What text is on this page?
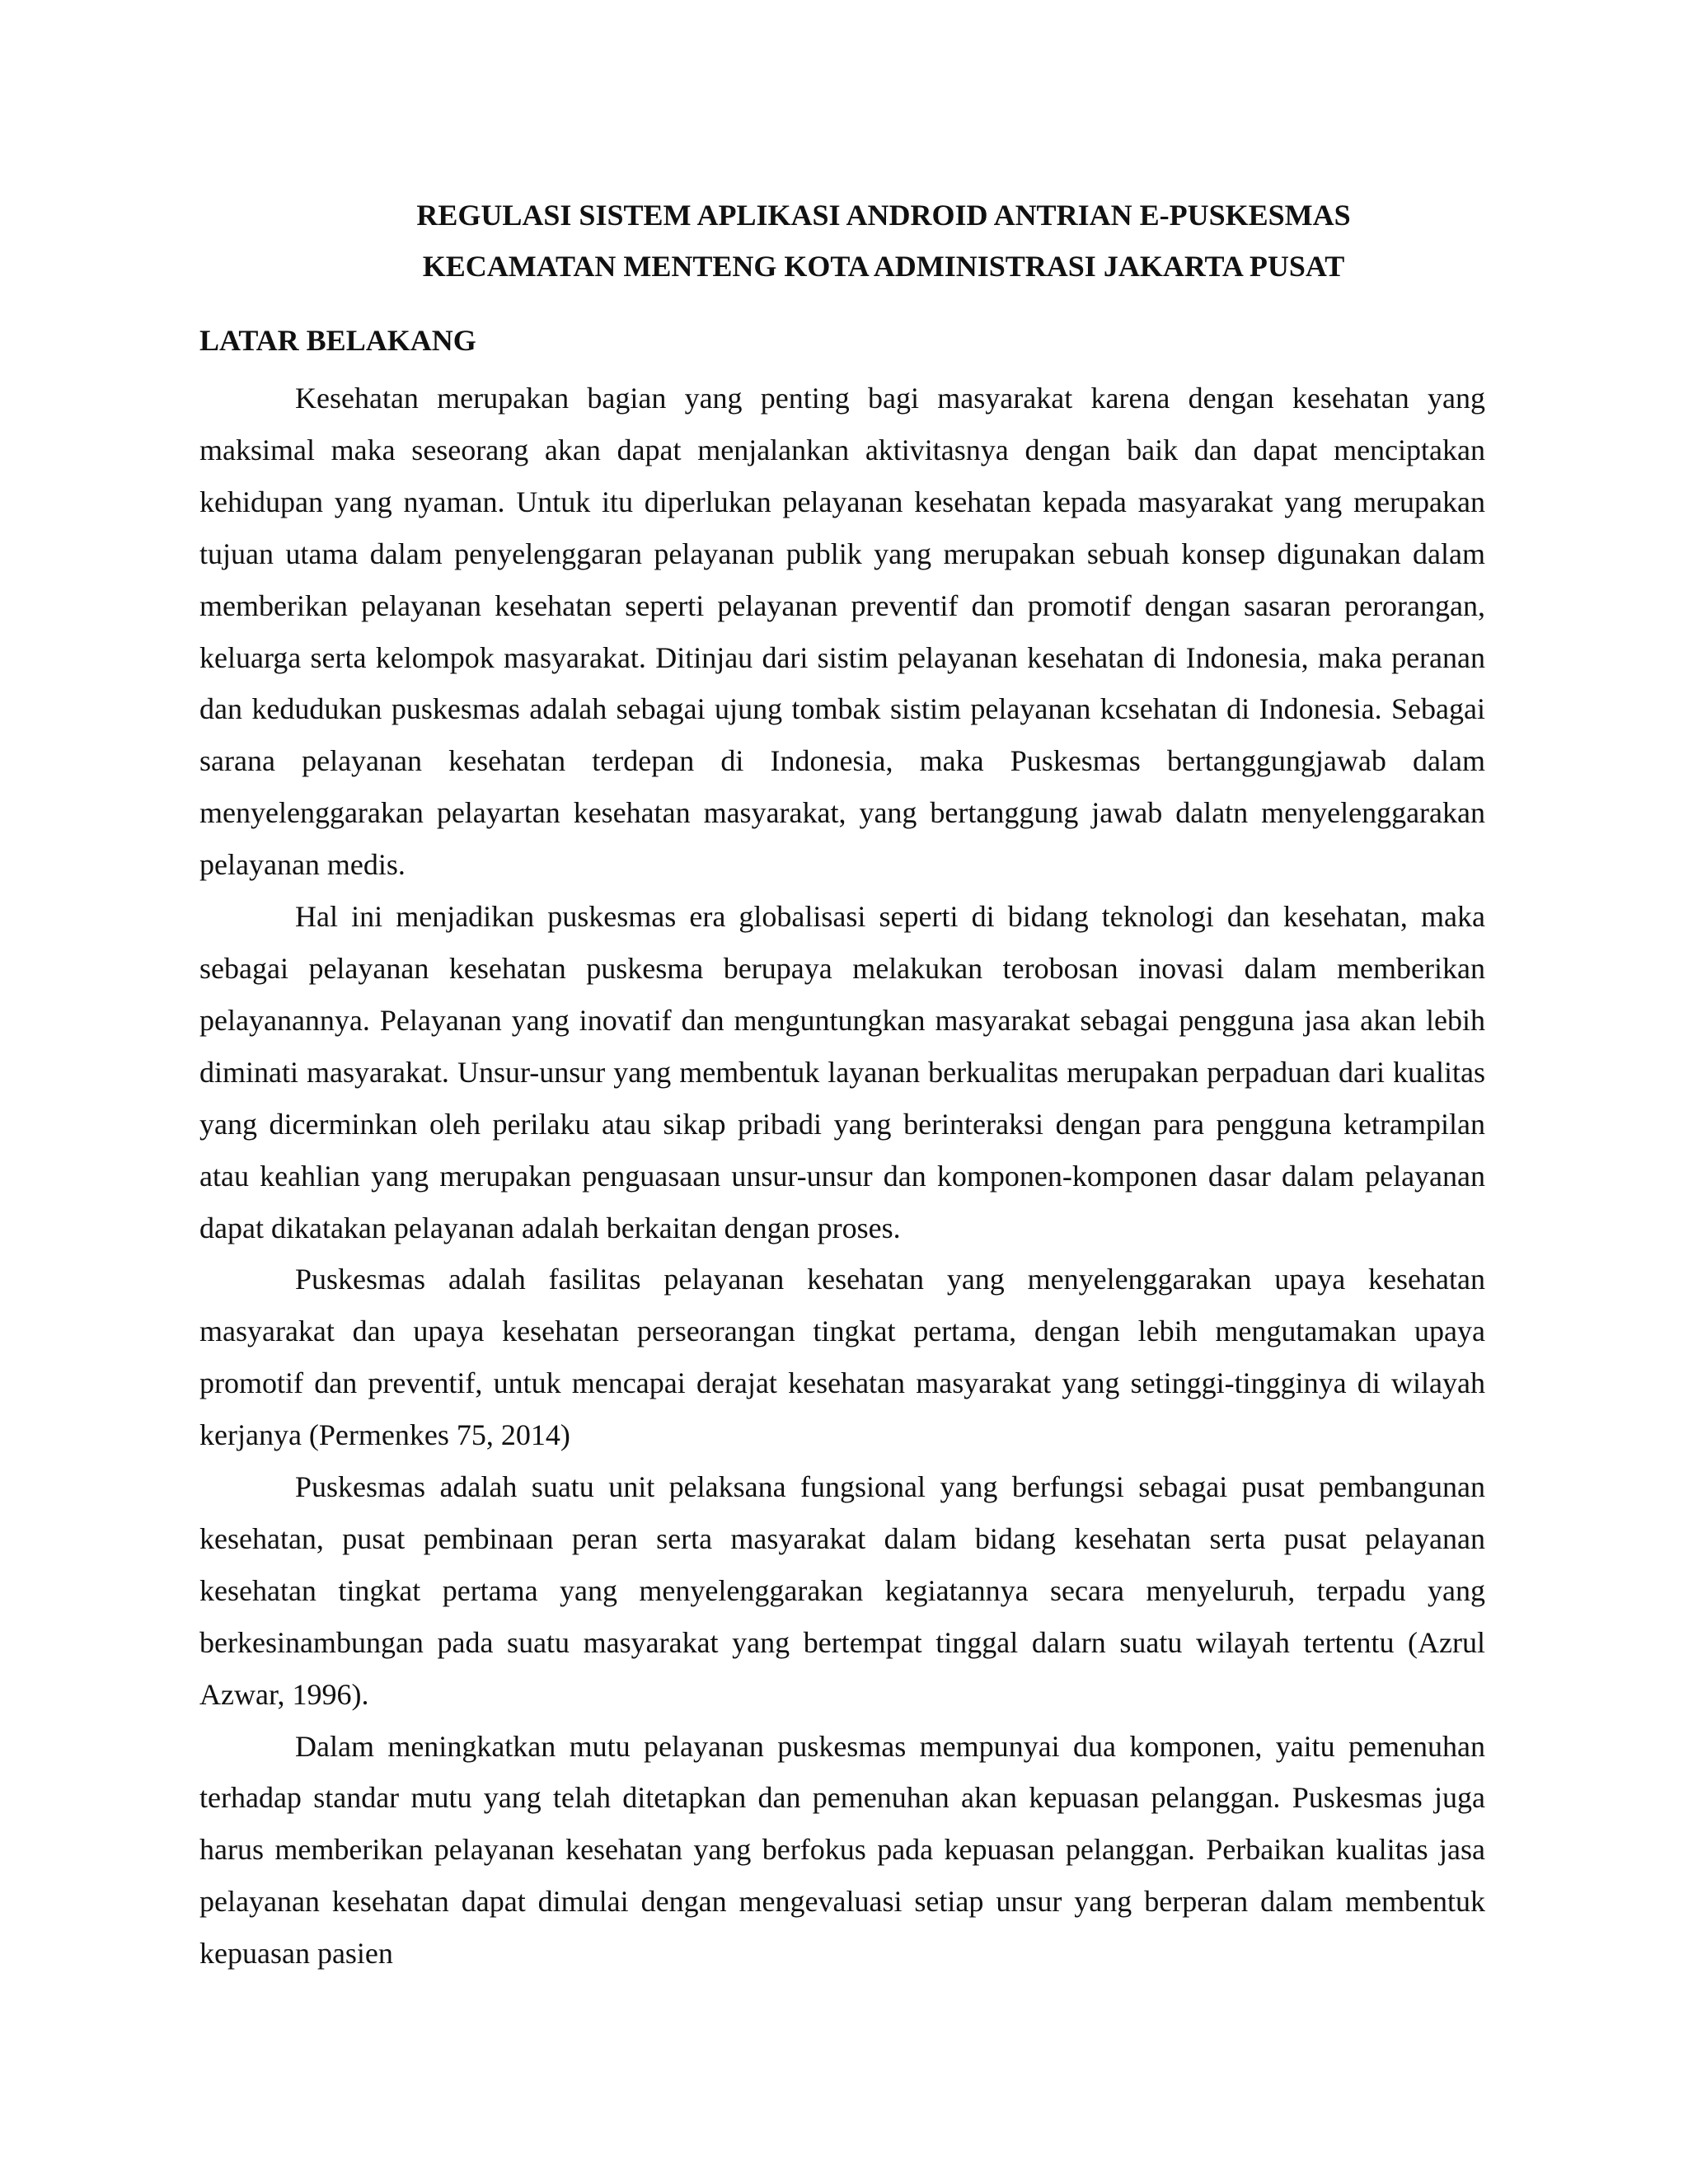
REGULASI SISTEM APLIKASI ANDROID ANTRIAN E-PUSKESMAS
KECAMATAN MENTENG KOTA ADMINISTRASI JAKARTA PUSAT
LATAR BELAKANG

Kesehatan merupakan bagian yang penting bagi masyarakat karena dengan kesehatan yang maksimal maka seseorang akan dapat menjalankan aktivitasnya dengan baik dan dapat menciptakan kehidupan yang nyaman. Untuk itu diperlukan pelayanan kesehatan kepada masyarakat yang merupakan tujuan utama dalam penyelenggaran pelayanan publik yang merupakan sebuah konsep digunakan dalam memberikan pelayanan kesehatan seperti pelayanan preventif dan promotif dengan sasaran perorangan, keluarga serta kelompok masyarakat. Ditinjau dari sistim pelayanan kesehatan di Indonesia, maka peranan dan kedudukan puskesmas adalah sebagai ujung tombak sistim pelayanan kcsehatan di Indonesia. Sebagai sarana pelayanan kesehatan terdepan di Indonesia, maka Puskesmas bertanggungjawab dalam menyelenggarakan pelayartan kesehatan masyarakat, yang bertanggung jawab dalatn menyelenggarakan pelayanan medis.

Hal ini menjadikan puskesmas era globalisasi seperti di bidang teknologi dan kesehatan, maka sebagai pelayanan kesehatan puskesma berupaya melakukan terobosan inovasi dalam memberikan pelayanannya. Pelayanan yang inovatif dan menguntungkan masyarakat sebagai pengguna jasa akan lebih diminati masyarakat. Unsur-unsur yang membentuk layanan berkualitas merupakan perpaduan dari kualitas yang dicerminkan oleh perilaku atau sikap pribadi yang berinteraksi dengan para pengguna ketrampilan atau keahlian yang merupakan penguasaan unsur-unsur dan komponen-komponen dasar dalam pelayanan dapat dikatakan pelayanan adalah berkaitan dengan proses.

Puskesmas adalah fasilitas pelayanan kesehatan yang menyelenggarakan upaya kesehatan masyarakat dan upaya kesehatan perseorangan tingkat pertama, dengan lebih mengutamakan upaya promotif dan preventif, untuk mencapai derajat kesehatan masyarakat yang setinggi-tingginya di wilayah kerjanya (Permenkes 75, 2014)

Puskesmas adalah suatu unit pelaksana fungsional yang berfungsi sebagai pusat pembangunan kesehatan, pusat pembinaan peran serta masyarakat dalam bidang kesehatan serta pusat pelayanan kesehatan tingkat pertama yang menyelenggarakan kegiatannya secara menyeluruh, terpadu yang berkesinambungan pada suatu masyarakat yang bertempat tinggal dalarn suatu wilayah tertentu (Azrul Azwar, 1996).

Dalam meningkatkan mutu pelayanan puskesmas mempunyai dua komponen, yaitu pemenuhan terhadap standar mutu yang telah ditetapkan dan pemenuhan akan kepuasan pelanggan. Puskesmas juga harus memberikan pelayanan kesehatan yang berfokus pada kepuasan pelanggan. Perbaikan kualitas jasa pelayanan kesehatan dapat dimulai dengan mengevaluasi setiap unsur yang berperan dalam membentuk kepuasan pasien
